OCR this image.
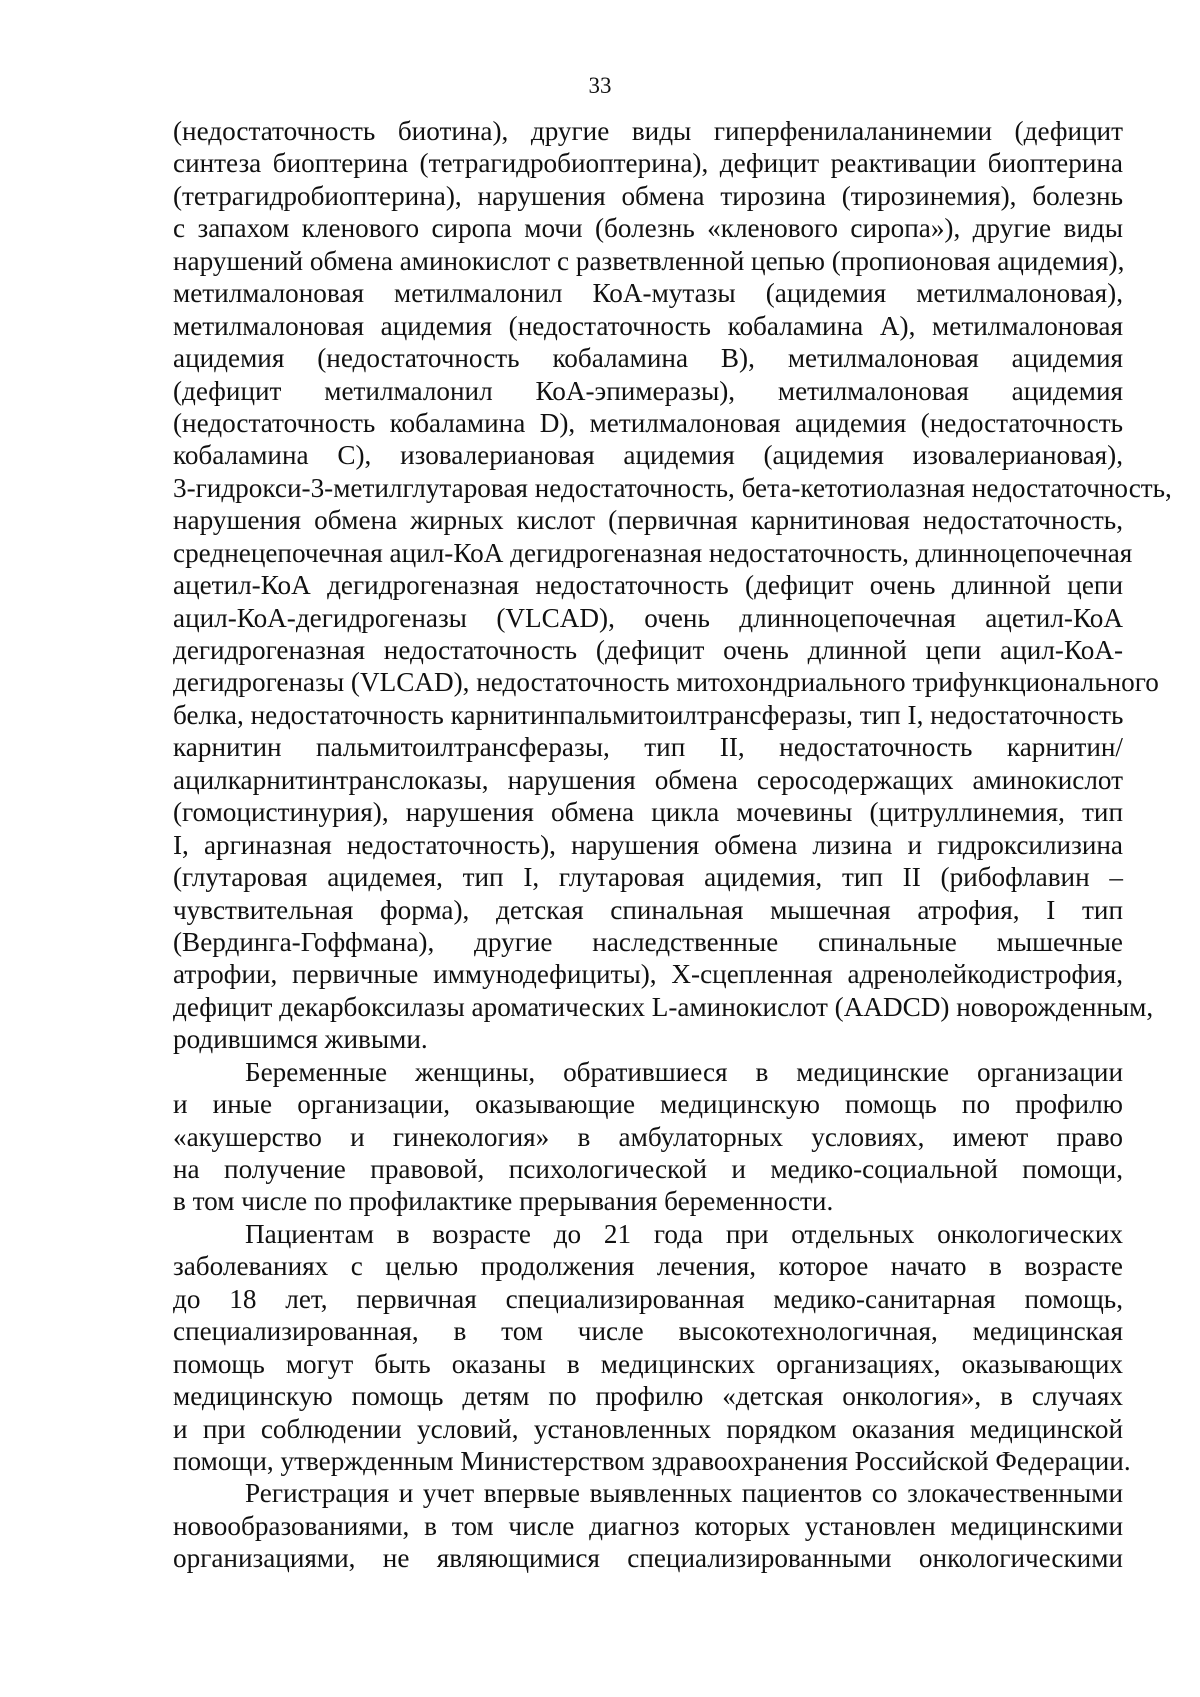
33
(недостаточность биотина), другие виды гиперфенилаланинемии (дефицит
синтеза биоптерина (тетрагидробиоптерина), дефицит реактивации биоптерина
(тетрагидробиоптерина), нарушения обмена тирозина (тирозинемия), болезнь
с запахом кленового сиропа мочи (болезнь «кленового сиропа»), другие виды
нарушений обмена аминокислот с разветвленной цепью (пропионовая ацидемия),
метилмалоновая метилмалонил КоА-мутазы (ацидемия метилмалоновая),
метилмалоновая ацидемия (недостаточность кобаламина А), метилмалоновая
ацидемия (недостаточность кобаламина В), метилмалоновая ацидемия
(дефицит метилмалонил КоА-эпимеразы), метилмалоновая ацидемия
(недостаточность кобаламина D), метилмалоновая ацидемия (недостаточность
кобаламина С), изовалериановая ацидемия (ацидемия изовалериановая),
3-гидрокси-3-метилглутаровая недостаточность, бета-кетотиолазная недостаточность,
нарушения обмена жирных кислот (первичная карнитиновая недостаточность,
среднецепочечная ацил-КоА дегидрогеназная недостаточность, длинноцепочечная
ацетил-КоА дегидрогеназная недостаточность (дефицит очень длинной цепи
ацил-КоА-дегидрогеназы (VLCAD), очень длинноцепочечная ацетил-КоА
дегидрогеназная недостаточность (дефицит очень длинной цепи ацил-КоА-
дегидрогеназы (VLCAD), недостаточность митохондриального трифункционального
белка, недостаточность карнитинпальмитоилтрансферазы, тип I, недостаточность
карнитин пальмитоилтрансферазы, тип II, недостаточность карнитин/
ацилкарнитинтранслоказы, нарушения обмена серосодержащих аминокислот
(гомоцистинурия), нарушения обмена цикла мочевины (цитруллинемия, тип
I, аргиназная недостаточность), нарушения обмена лизина и гидроксилизина
(глутаровая ацидемея, тип I, глутаровая ацидемия, тип II (рибофлавин –
чувствительная форма), детская спинальная мышечная атрофия, I тип
(Вердинга-Гоффмана), другие наследственные спинальные мышечные
атрофии, первичные иммунодефициты), Х-сцепленная адренолейкодистрофия,
дефицит декарбоксилазы ароматических L-аминокислот (AADCD) новорожденным,
родившимся живыми.
Беременные женщины, обратившиеся в медицинские организации
и иные организации, оказывающие медицинскую помощь по профилю
«акушерство и гинекология» в амбулаторных условиях, имеют право
на получение правовой, психологической и медико-социальной помощи,
в том числе по профилактике прерывания беременности.
Пациентам в возрасте до 21 года при отдельных онкологических
заболеваниях с целью продолжения лечения, которое начато в возрасте
до 18 лет, первичная специализированная медико-санитарная помощь,
специализированная, в том числе высокотехнологичная, медицинская
помощь могут быть оказаны в медицинских организациях, оказывающих
медицинскую помощь детям по профилю «детская онкология», в случаях
и при соблюдении условий, установленных порядком оказания медицинской
помощи, утвержденным Министерством здравоохранения Российской Федерации.
Регистрация и учет впервые выявленных пациентов со злокачественными
новообразованиями, в том числе диагноз которых установлен медицинскими
организациями, не являющимися специализированными онкологическими
